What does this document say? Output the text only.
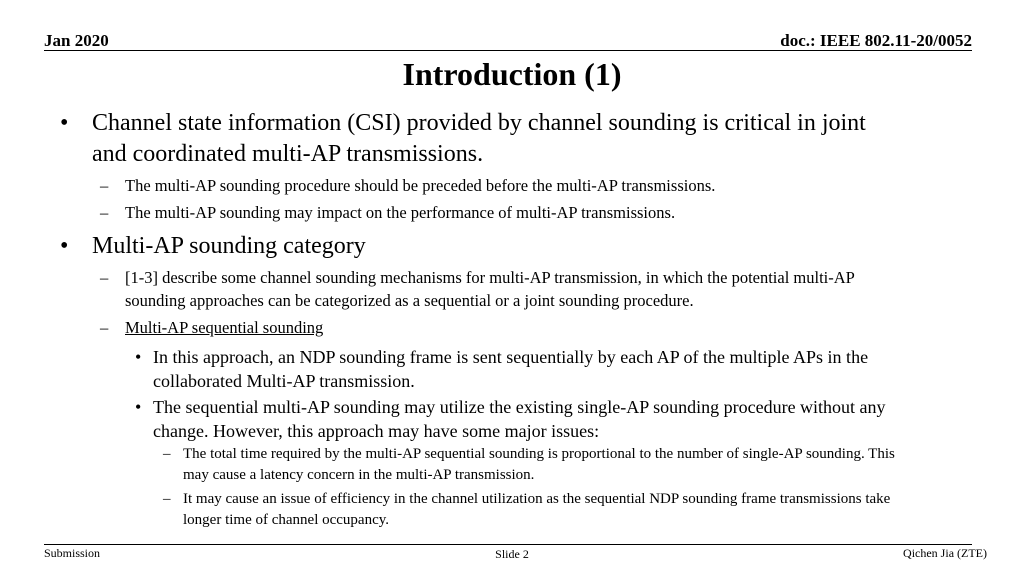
Jan 2020	doc.: IEEE 802.11-20/0052
Introduction (1)
• Channel state information (CSI) provided by channel sounding is critical in joint and coordinated multi-AP transmissions.
–	The multi-AP sounding procedure should be preceded before the multi-AP transmissions.
–	The multi-AP sounding may impact on the performance of multi-AP transmissions.
• Multi-AP sounding category
–	[1-3] describe some channel sounding mechanisms for multi-AP transmission, in which the potential multi-AP sounding approaches can be categorized as a sequential or a joint sounding procedure.
–	Multi-AP sequential sounding
• In this approach, an NDP sounding frame is sent sequentially by each AP of the multiple APs in the collaborated Multi-AP transmission.
• The sequential multi-AP sounding may utilize the existing single-AP sounding procedure without any change. However, this approach may have some major issues:
– The total time required by the multi-AP sequential sounding is proportional to the number of single-AP sounding. This may cause a latency concern in the multi-AP transmission.
– It may cause an issue of efficiency in the channel utilization as the sequential NDP sounding frame transmissions take longer time of channel occupancy.
Submission	Slide 2	Qichen Jia (ZTE)
